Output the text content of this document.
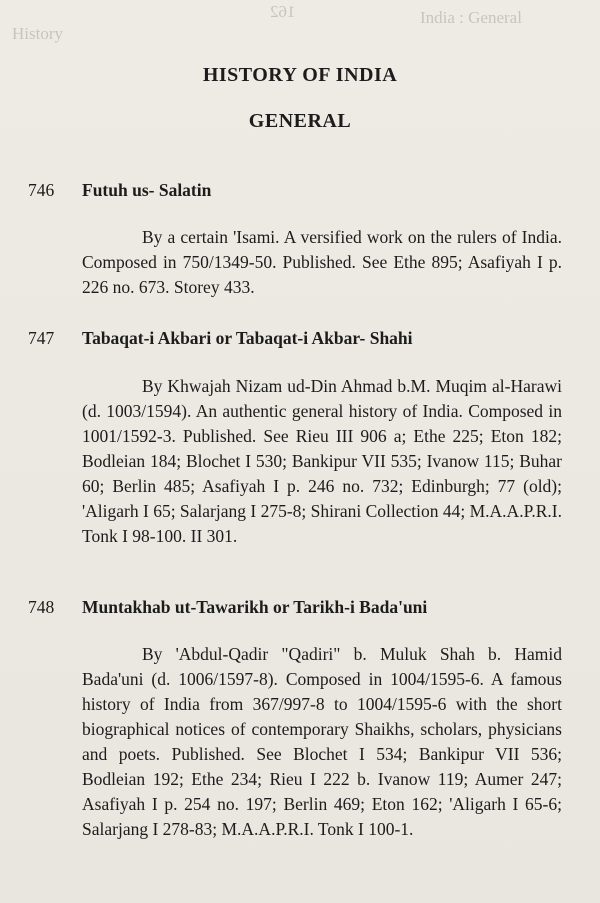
162
History
India : General
HISTORY OF INDIA
GENERAL
746 Futuh us- Salatin
By a certain 'Isami. A versified work on the rulers of India. Composed in 750/1349-50. Published. See Ethe 895; Asafiyah I p. 226 no. 673. Storey 433.
747 Tabaqat-i Akbari or Tabaqat-i Akbar- Shahi
By Khwajah Nizam ud-Din Ahmad b.M. Muqim al-Harawi (d. 1003/1594). An authentic general history of India. Composed in 1001/1592-3. Published. See Rieu III 906 a; Ethe 225; Eton 182; Bodleian 184; Blochet I 530; Bankipur VII 535; Ivanow 115; Buhar 60; Berlin 485; Asafiyah I p. 246 no. 732; Edinburgh; 77 (old); 'Aligarh I 65; Salarjang I 275-8; Shirani Collection 44; M.A.A.P.R.I. Tonk I 98-100. II 301.
748 Muntakhab ut-Tawarikh or Tarikh-i Bada'uni
By 'Abdul-Qadir "Qadiri" b. Muluk Shah b. Hamid Bada'uni (d. 1006/1597-8). Composed in 1004/1595-6. A famous history of India from 367/997-8 to 1004/1595-6 with the short biographical notices of contemporary Shaikhs, scholars, physicians and poets. Published. See Blochet I 534; Bankipur VII 536; Bodleian 192; Ethe 234; Rieu I 222 b. Ivanow 119; Aumer 247; Asafiyah I p. 254 no. 197; Berlin 469; Eton 162; 'Aligarh I 65-6; Salarjang I 278-83; M.A.A.P.R.I. Tonk I 100-1.
